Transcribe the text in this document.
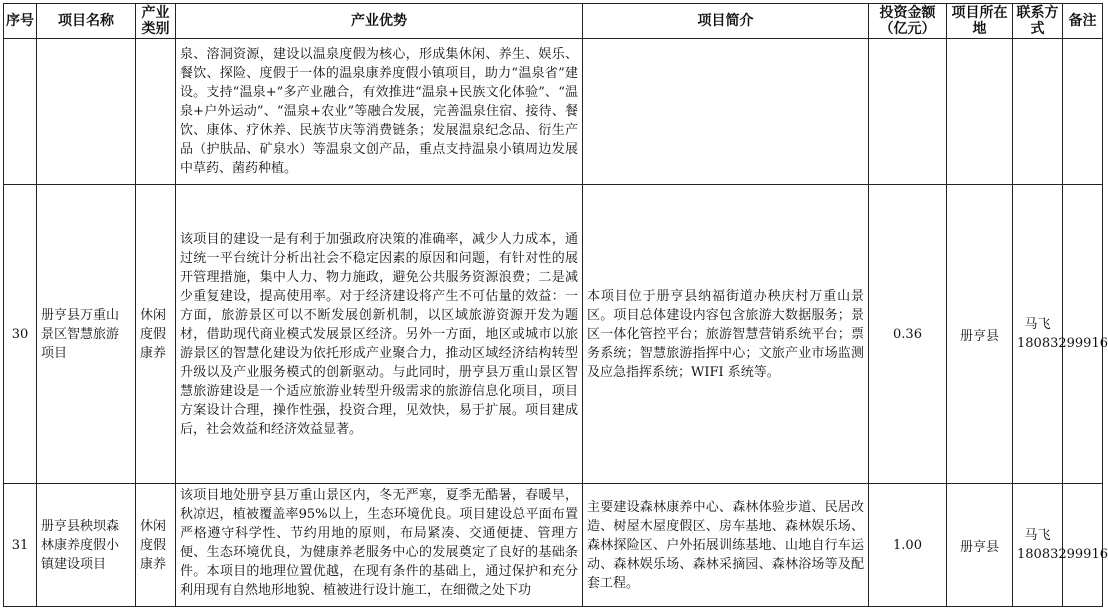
序号	项目名称	产业类别	产业优势	项目简介	投资金额（亿元）	项目所在地	联系方式	备注
			泉、溶洞资源，建设以温泉度假为核心，形成集休闲、养生、娱乐、餐饮、探险、度假于一体的温泉康养度假小镇项目，助力“温泉省”建设。支持“温泉+”多产业融合，有效推进“温泉+民族文化体验”、“温泉+户外运动”、“温泉+农业”等融合发展，完善温泉住宿、接待、餐饮、康体、疗休养、民族节庆等消费链条；发展温泉纪念品、衍生产品（护肤品、矿泉水）等温泉文创产品，重点支持温泉小镇周边发展中草药、菌药种植。					
30	册亨县万重山景区智慧旅游项目	休闲度假康养	该项目的建设一是有利于加强政府决策的准确率，减少人力成本，通过统一平台统计分析出社会不稳定因素的原因和问题，有针对性的展开管理措施，集中人力、物力施政，避免公共服务资源浪费；二是减少重复建设，提高使用率。对于经济建设将产生不可估量的效益：一方面，旅游景区可以不断发展创新机制，以区域旅游资源开发为题材，借助现代商业模式发展景区经济。另外一方面，地区或城市以旅游景区的智慧化建设为依托形成产业聚合力，推动区域经济结构转型升级以及产业服务模式的创新驱动。与此同时，册亨县万重山景区智慧旅游建设是一个适应旅游业转型升级需求的旅游信息化项目，项目方案设计合理，操作性强，投资合理，见效快，易于扩展。项目建成后，社会效益和经济效益显著。	本项目位于册亨县纳福街道办秧庆村万重山景区。项目总体建设内容包含旅游大数据服务；景区一体化管控平台；旅游智慧营销系统平台；票务系统；智慧旅游指挥中心；文旅产业市场监测及应急指挥系统；WIFI 系统等。	0.36	册亨县	马飞 18083299916	
31	册亨县秧坝森林康养度假小镇建设项目	休闲度假康养	该项目地处册亨县万重山景区内，冬无严寒，夏季无酷暑，春暖早，秋凉迟，植被覆盖率95%以上，生态环境优良。项目建设总平面布置严格遵守科学性、节约用地的原则，布局紧凑、交通便捷、管理方便、生态环境优良，为健康养老服务中心的发展奠定了良好的基础条件。本项目的地理位置优越，在现有条件的基础上，通过保护和充分利用现有自然地形地貌、植被进行设计施工，在细微之处下功	主要建设森林康养中心、森林体验步道、民居改造、树屋木屋度假区、房车基地、森林娱乐场、森林探险区、户外拓展训练基地、山地自行车运动、森林娱乐场、森林采摘园、森林浴场等及配套工程。	1.00	册亨县	马飞 18083299916	
